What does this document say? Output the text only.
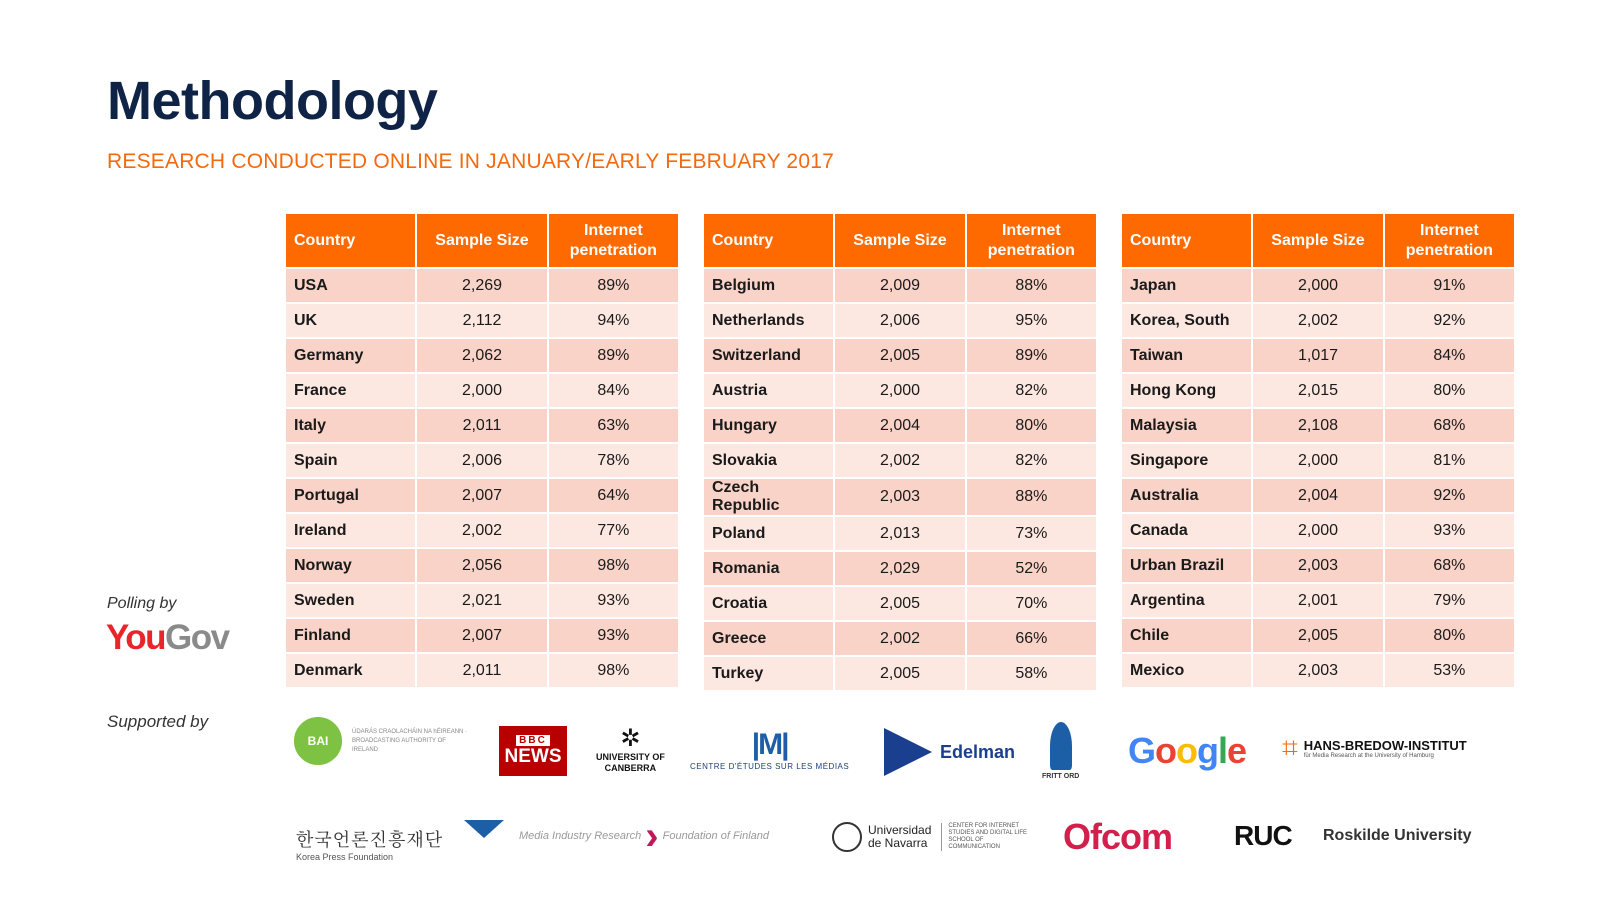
Methodology
RESEARCH CONDUCTED ONLINE IN JANUARY/EARLY FEBRUARY 2017
Country	Sample Size	Internet penetration
USA	2,269	89%
UK	2,112	94%
Germany	2,062	89%
France	2,000	84%
Italy	2,011	63%
Spain	2,006	78%
Portugal	2,007	64%
Ireland	2,002	77%
Norway	2,056	98%
Sweden	2,021	93%
Finland	2,007	93%
Denmark	2,011	98%
Country	Sample Size	Internet penetration
Belgium	2,009	88%
Netherlands	2,006	95%
Switzerland	2,005	89%
Austria	2,000	82%
Hungary	2,004	80%
Slovakia	2,002	82%
Czech Republic	2,003	88%
Poland	2,013	73%
Romania	2,029	52%
Croatia	2,005	70%
Greece	2,002	66%
Turkey	2,005	58%
Country	Sample Size	Internet penetration
Japan	2,000	91%
Korea, South	2,002	92%
Taiwan	1,017	84%
Hong Kong	2,015	80%
Malaysia	2,108	68%
Singapore	2,000	81%
Australia	2,004	92%
Canada	2,000	93%
Urban Brazil	2,003	68%
Argentina	2,001	79%
Chile	2,005	80%
Mexico	2,003	53%
Polling by
YouGov
Supported by
BAI
ÚDARÁS CRAOLACHÁIN NA hÉIREANN · BROADCASTING AUTHORITY OF IRELAND
BBC
NEWS
✲
UNIVERSITY OF
CANBERRA
|M|
CENTRE D'ÉTUDES SUR LES MÉDIAS
Edelman
FRITT ORD
G o o g l e ⌗ HANS-BREDOW-INSTITUT
für Media Research at the University of Hamburg
한국언론진흥재단
Korea Press Foundation
Media Industry Research › Foundation of Finland	Universidad
de Navarra
CENTER FOR INTERNET STUDIES AND DIGITAL LIFE SCHOOL OF COMMUNICATION	Ofcom RUC Roskilde University
